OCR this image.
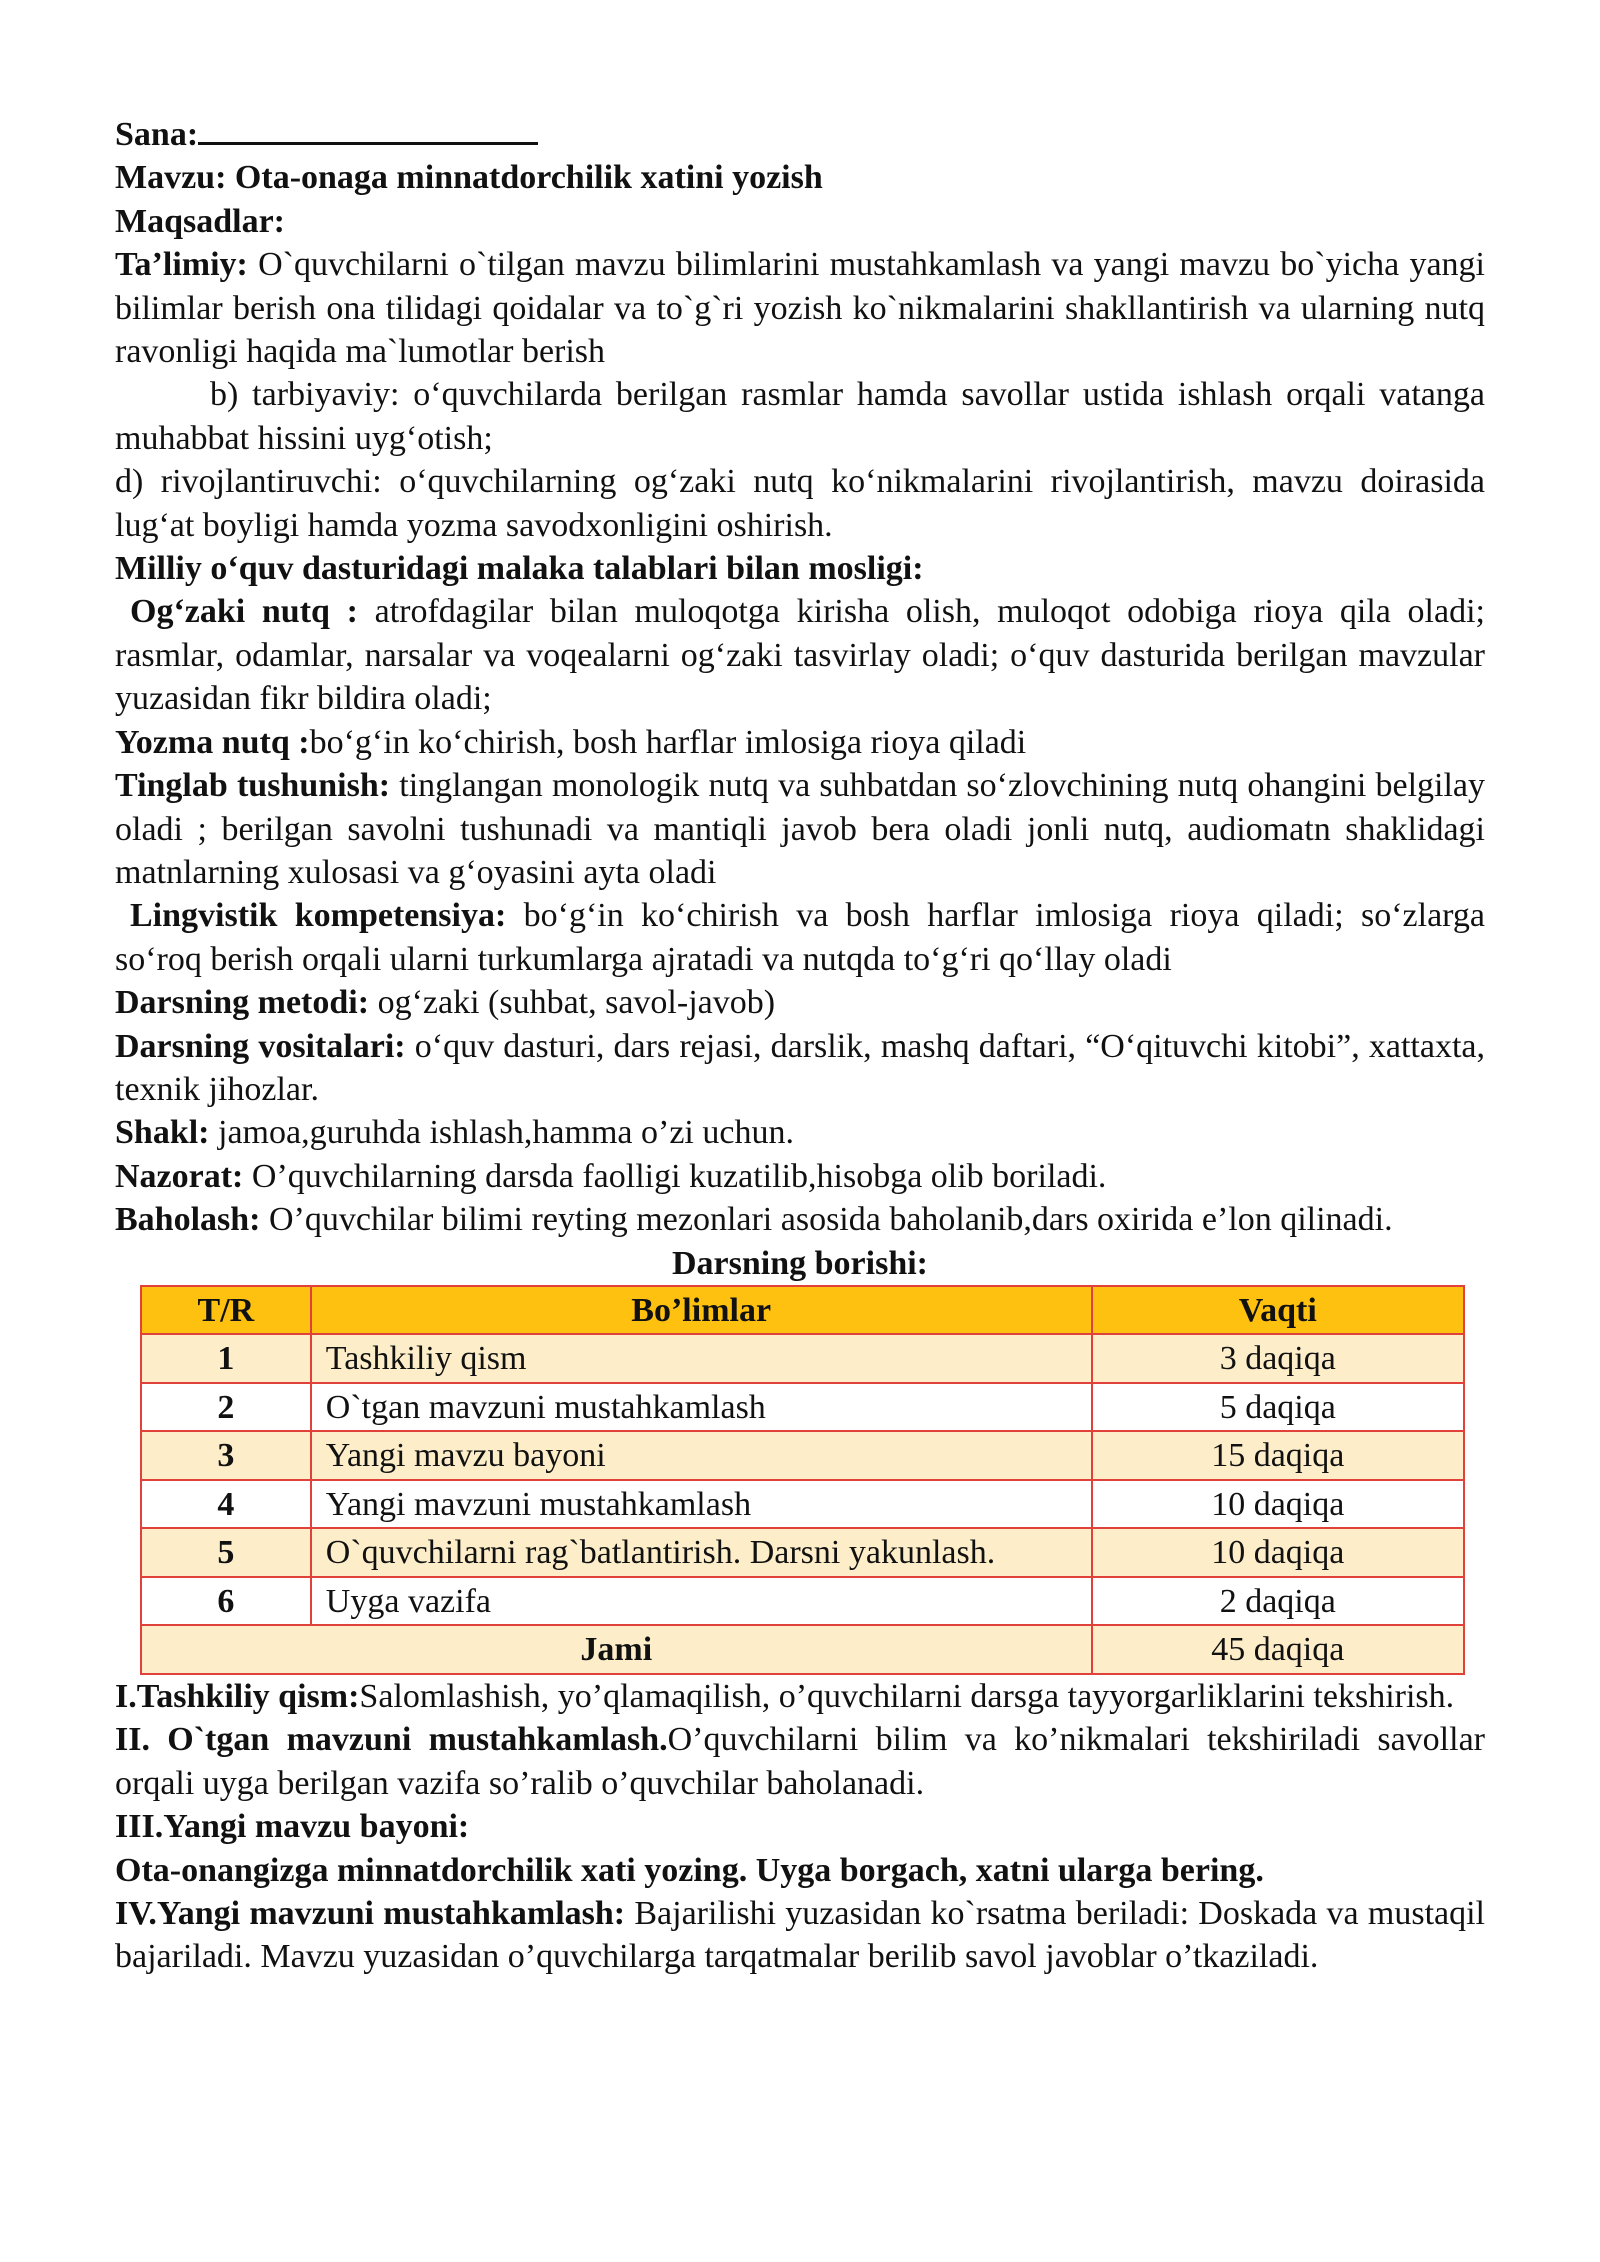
Sana:

Mavzu: Ota-onaga minnatdorchilik xatini yozish

Maqsadlar:

Ta’limiy: O`quvchilarni o`tilgan mavzu bilimlarini mustahkamlash va yangi mavzu bo`yicha yangi bilimlar berish ona tilidagi qoidalar va to`g`ri yozish ko`nikmalarini shakllantirish va ularning nutq ravonligi haqida ma`lumotlar berish

b) tarbiyaviy: o‘quvchilarda berilgan rasmlar hamda savollar ustida ishlash orqali vatanga muhabbat hissini uyg‘otish;

d) rivojlantiruvchi: o‘quvchilarning og‘zaki nutq ko‘nikmalarini rivojlantirish, mavzu doirasida lug‘at boyligi hamda yozma savodxonligini oshirish.

Milliy o‘quv dasturidagi malaka talablari bilan mosligi:

Og‘zaki nutq : atrofdagilar bilan muloqotga kirisha olish, muloqot odobiga rioya qila oladi; rasmlar, odamlar, narsalar va voqealarni og‘zaki tasvirlay oladi; o‘quv dasturida berilgan mavzular yuzasidan fikr bildira oladi;

Yozma nutq :bo‘g‘in ko‘chirish, bosh harflar imlosiga rioya qiladi

Tinglab tushunish: tinglangan monologik nutq va suhbatdan so‘zlovchining nutq ohangini belgilay oladi ; berilgan savolni tushunadi va mantiqli javob bera oladi jonli nutq, audiomatn shaklidagi matnlarning xulosasi va g‘oyasini ayta oladi

Lingvistik kompetensiya: bo‘g‘in ko‘chirish va bosh harflar imlosiga rioya qiladi; so‘zlarga so‘roq berish orqali ularni turkumlarga ajratadi va nutqda to‘g‘ri qo‘llay oladi

Darsning metodi: og‘zaki (suhbat, savol-javob)

Darsning vositalari: o‘quv dasturi, dars rejasi, darslik, mashq daftari, “O‘qituvchi kitobi”, xattaxta, texnik jihozlar.

Shakl: jamoa,guruhda ishlash,hamma o’zi uchun.

Nazorat: O’quvchilarning darsda faolligi kuzatilib,hisobga olib boriladi.

Baholash: O’quvchilar bilimi reyting mezonlari asosida baholanib,dars oxirida e’lon qilinadi.

Darsning borishi:

T/R	Bo’limlar	Vaqti
1	Tashkiliy qism	3 daqiqa
2	O`tgan mavzuni mustahkamlash	5 daqiqa
3	Yangi mavzu bayoni	15 daqiqa
4	Yangi mavzuni mustahkamlash	10 daqiqa
5	O`quvchilarni rag`batlantirish. Darsni yakunlash.	10 daqiqa
6	Uyga vazifa	2 daqiqa
Jami		45 daqiqa

I.Tashkiliy qism:Salomlashish, yo’qlamaqilish, o’quvchilarni darsga tayyorgarliklarini tekshirish.

II. O`tgan mavzuni mustahkamlash.O’quvchilarni bilim va ko’nikmalari tekshiriladi savollar orqali uyga berilgan vazifa so’ralib o’quvchilar baholanadi.

III.Yangi mavzu bayoni:

Ota-onangizga minnatdorchilik xati yozing. Uyga borgach, xatni ularga bering.

IV.Yangi mavzuni mustahkamlash: Bajarilishi yuzasidan ko`rsatma beriladi: Doskada va mustaqil bajariladi. Mavzu yuzasidan o’quvchilarga tarqatmalar berilib savol javoblar o’tkaziladi.
